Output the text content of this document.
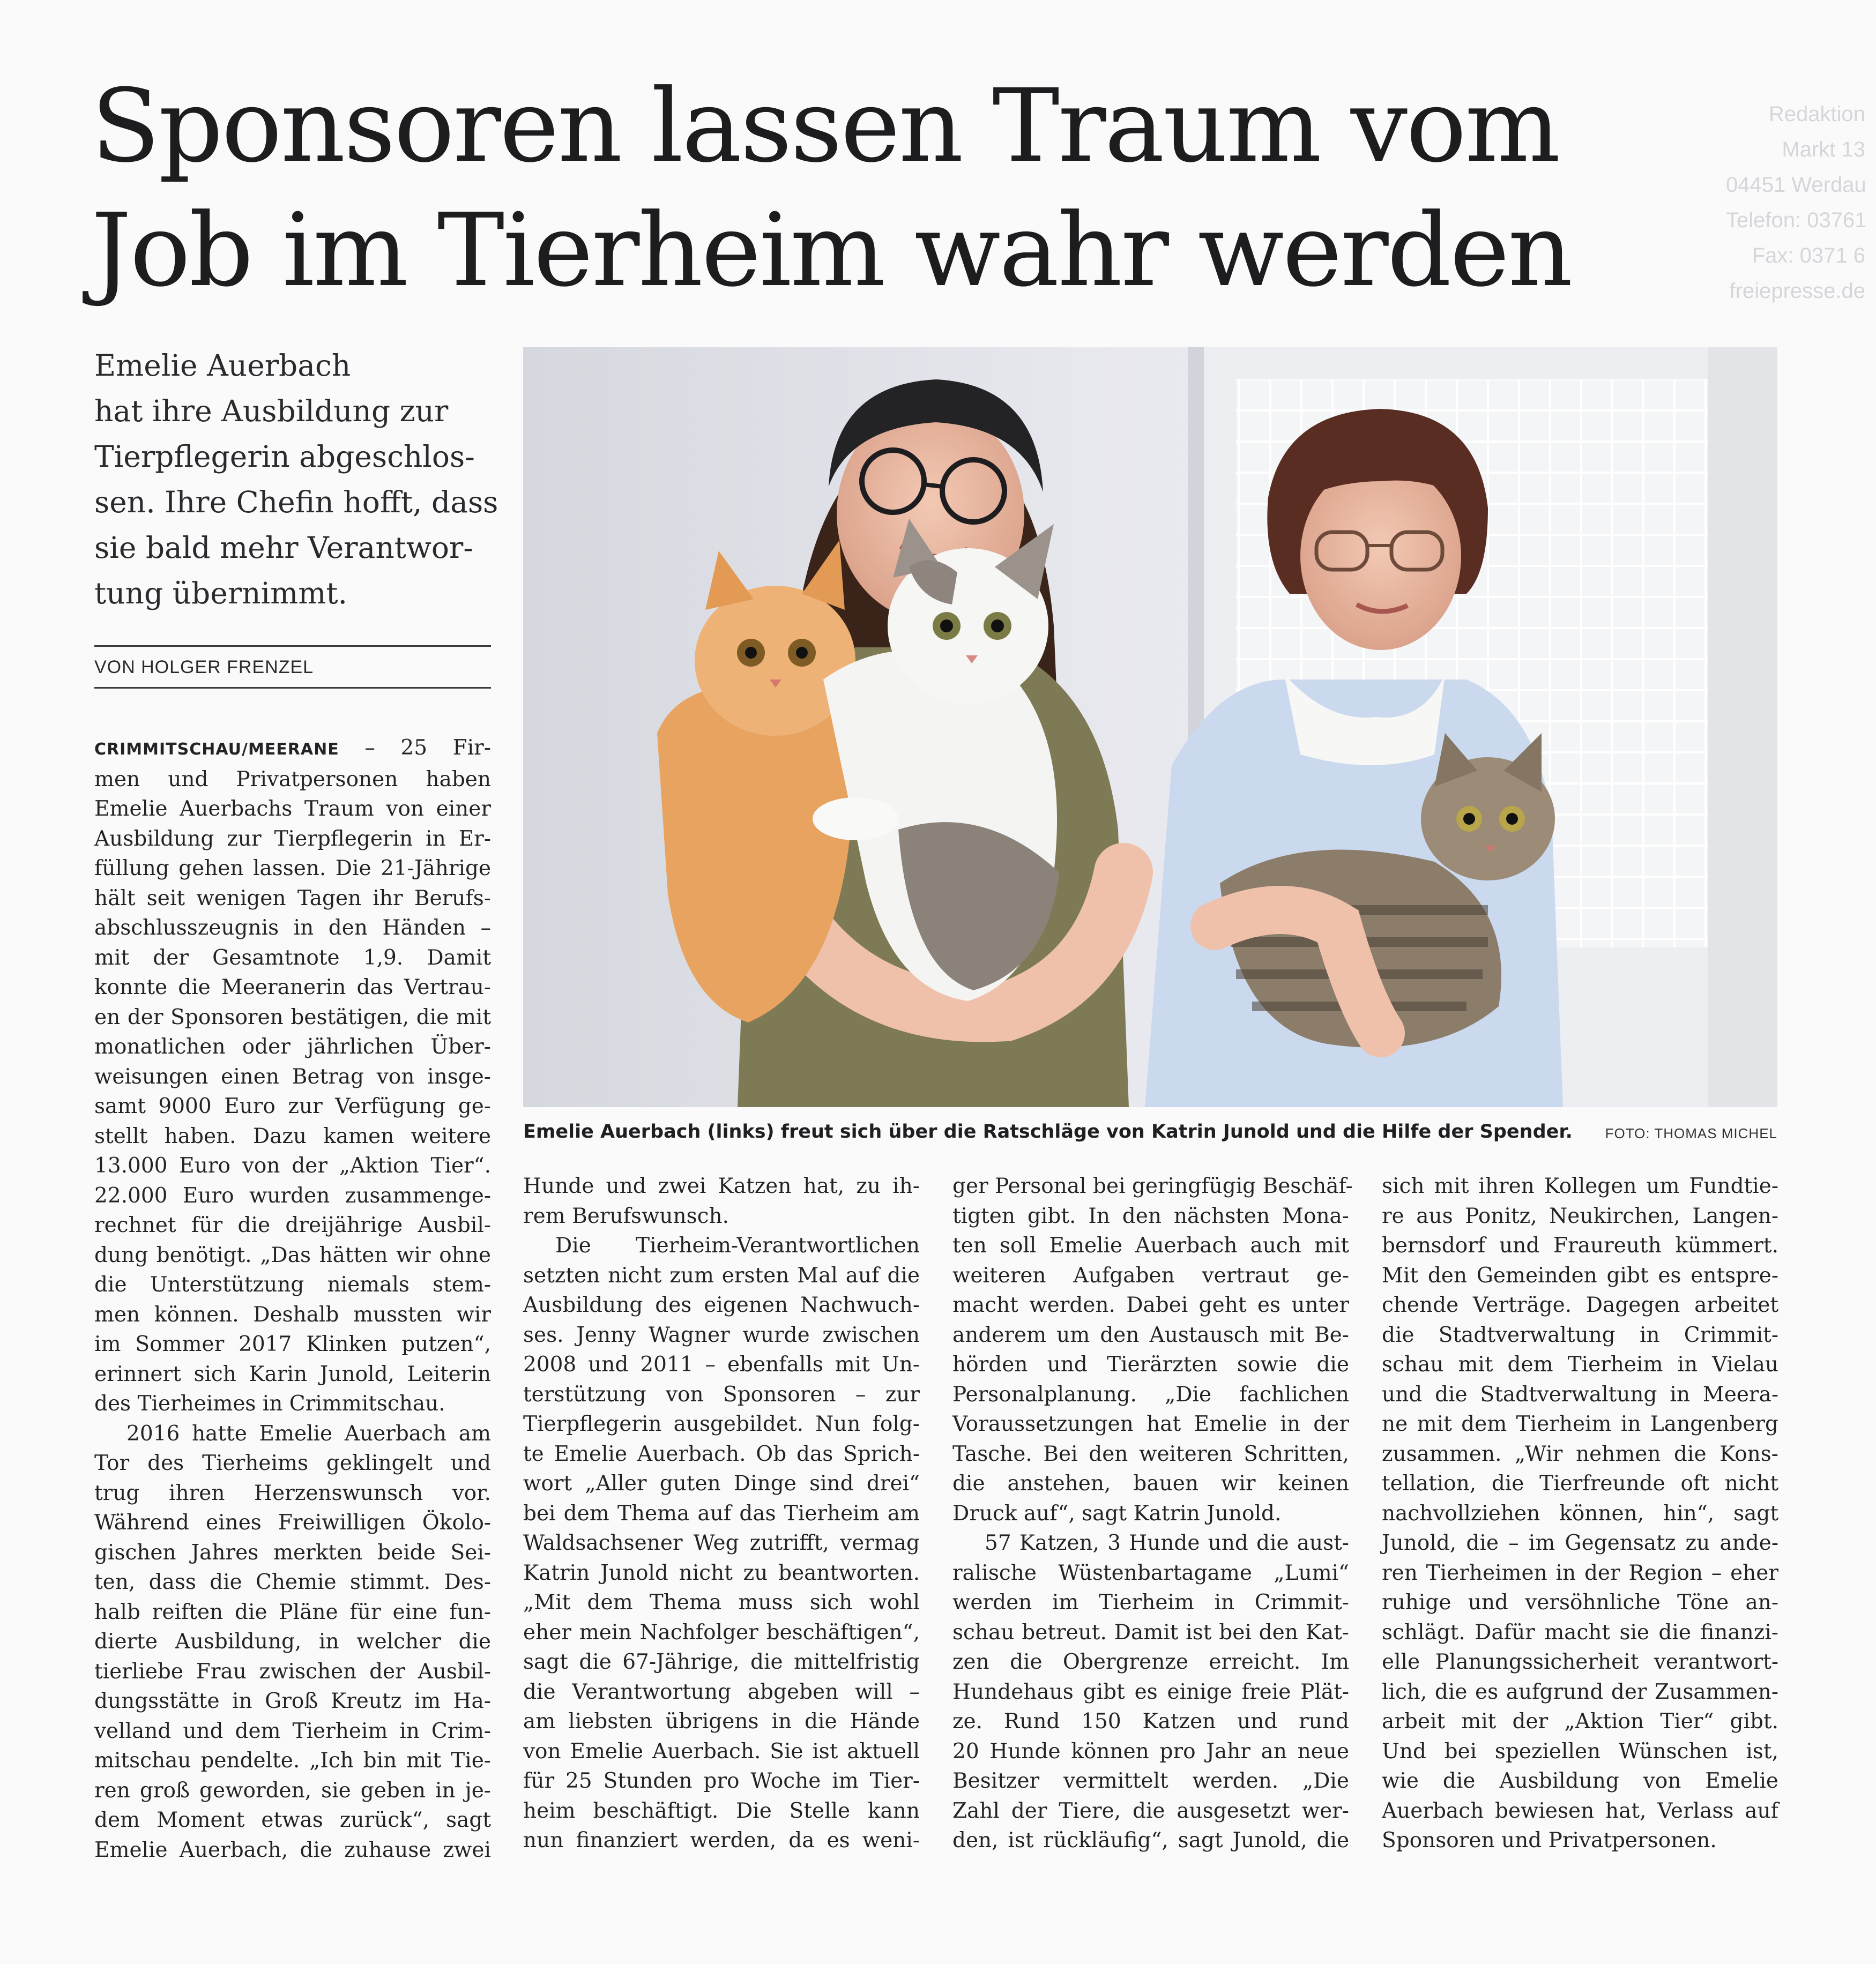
Sponsoren lassen Traum vom
Job im Tierheim wahr werden
Redaktion
Markt 13
04451 Werdau
Telefon: 03761
Fax: 0371 6
freiepresse.de
Emelie Auerbach
hat ihre Ausbildung zur
Tierpflegerin abgeschlos-
sen. Ihre Chefin hofft, dass
sie bald mehr Verantwor-
tung übernimmt.
VON HOLGER FRENZEL
Emelie Auerbach (links) freut sich über die Ratschläge von Katrin Junold und die Hilfe der Spender. FOTO: THOMAS MICHEL
CRIMMITSCHAU/MEERANE – 25 Fir-
men und Privatpersonen haben
Emelie Auerbachs Traum von einer
Ausbildung zur Tierpflegerin in Er-
füllung gehen lassen. Die 21-Jährige
hält seit wenigen Tagen ihr Berufs-
abschlusszeugnis in den Händen –
mit der Gesamtnote 1,9. Damit
konnte die Meeranerin das Vertrau-
en der Sponsoren bestätigen, die mit
monatlichen oder jährlichen Über-
weisungen einen Betrag von insge-
samt 9000 Euro zur Verfügung ge-
stellt haben. Dazu kamen weitere
13.000 Euro von der „Aktion Tier“.
22.000 Euro wurden zusammenge-
rechnet für die dreijährige Ausbil-
dung benötigt. „Das hätten wir ohne
die Unterstützung niemals stem-
men können. Deshalb mussten wir
im Sommer 2017 Klinken putzen“,
erinnert sich Karin Junold, Leiterin
des Tierheimes in Crimmitschau.
2016 hatte Emelie Auerbach am
Tor des Tierheims geklingelt und
trug ihren Herzenswunsch vor.
Während eines Freiwilligen Ökolo-
gischen Jahres merkten beide Sei-
ten, dass die Chemie stimmt. Des-
halb reiften die Pläne für eine fun-
dierte Ausbildung, in welcher die
tierliebe Frau zwischen der Ausbil-
dungsstätte in Groß Kreutz im Ha-
velland und dem Tierheim in Crim-
mitschau pendelte. „Ich bin mit Tie-
ren groß geworden, sie geben in je-
dem Moment etwas zurück“, sagt
Emelie Auerbach, die zuhause zwei
Hunde und zwei Katzen hat, zu ih-
rem Berufswunsch.
Die Tierheim-Verantwortlichen
setzten nicht zum ersten Mal auf die
Ausbildung des eigenen Nachwuch-
ses. Jenny Wagner wurde zwischen
2008 und 2011 – ebenfalls mit Un-
terstützung von Sponsoren – zur
Tierpflegerin ausgebildet. Nun folg-
te Emelie Auerbach. Ob das Sprich-
wort „Aller guten Dinge sind drei“
bei dem Thema auf das Tierheim am
Waldsachsener Weg zutrifft, vermag
Katrin Junold nicht zu beantworten.
„Mit dem Thema muss sich wohl
eher mein Nachfolger beschäftigen“,
sagt die 67-Jährige, die mittelfristig
die Verantwortung abgeben will –
am liebsten übrigens in die Hände
von Emelie Auerbach. Sie ist aktuell
für 25 Stunden pro Woche im Tier-
heim beschäftigt. Die Stelle kann
nun finanziert werden, da es weni-
ger Personal bei geringfügig Beschäf-
tigten gibt. In den nächsten Mona-
ten soll Emelie Auerbach auch mit
weiteren Aufgaben vertraut ge-
macht werden. Dabei geht es unter
anderem um den Austausch mit Be-
hörden und Tierärzten sowie die
Personalplanung. „Die fachlichen
Voraussetzungen hat Emelie in der
Tasche. Bei den weiteren Schritten,
die anstehen, bauen wir keinen
Druck auf“, sagt Katrin Junold.
57 Katzen, 3 Hunde und die aust-
ralische Wüstenbartagame „Lumi“
werden im Tierheim in Crimmit-
schau betreut. Damit ist bei den Kat-
zen die Obergrenze erreicht. Im
Hundehaus gibt es einige freie Plät-
ze. Rund 150 Katzen und rund
20 Hunde können pro Jahr an neue
Besitzer vermittelt werden. „Die
Zahl der Tiere, die ausgesetzt wer-
den, ist rückläufig“, sagt Junold, die
sich mit ihren Kollegen um Fundtie-
re aus Ponitz, Neukirchen, Langen-
bernsdorf und Fraureuth kümmert.
Mit den Gemeinden gibt es entspre-
chende Verträge. Dagegen arbeitet
die Stadtverwaltung in Crimmit-
schau mit dem Tierheim in Vielau
und die Stadtverwaltung in Meera-
ne mit dem Tierheim in Langenberg
zusammen. „Wir nehmen die Kons-
tellation, die Tierfreunde oft nicht
nachvollziehen können, hin“, sagt
Junold, die – im Gegensatz zu ande-
ren Tierheimen in der Region – eher
ruhige und versöhnliche Töne an-
schlägt. Dafür macht sie die finanzi-
elle Planungssicherheit verantwort-
lich, die es aufgrund der Zusammen-
arbeit mit der „Aktion Tier“ gibt.
Und bei speziellen Wünschen ist,
wie die Ausbildung von Emelie
Auerbach bewiesen hat, Verlass auf
Sponsoren und Privatpersonen.
